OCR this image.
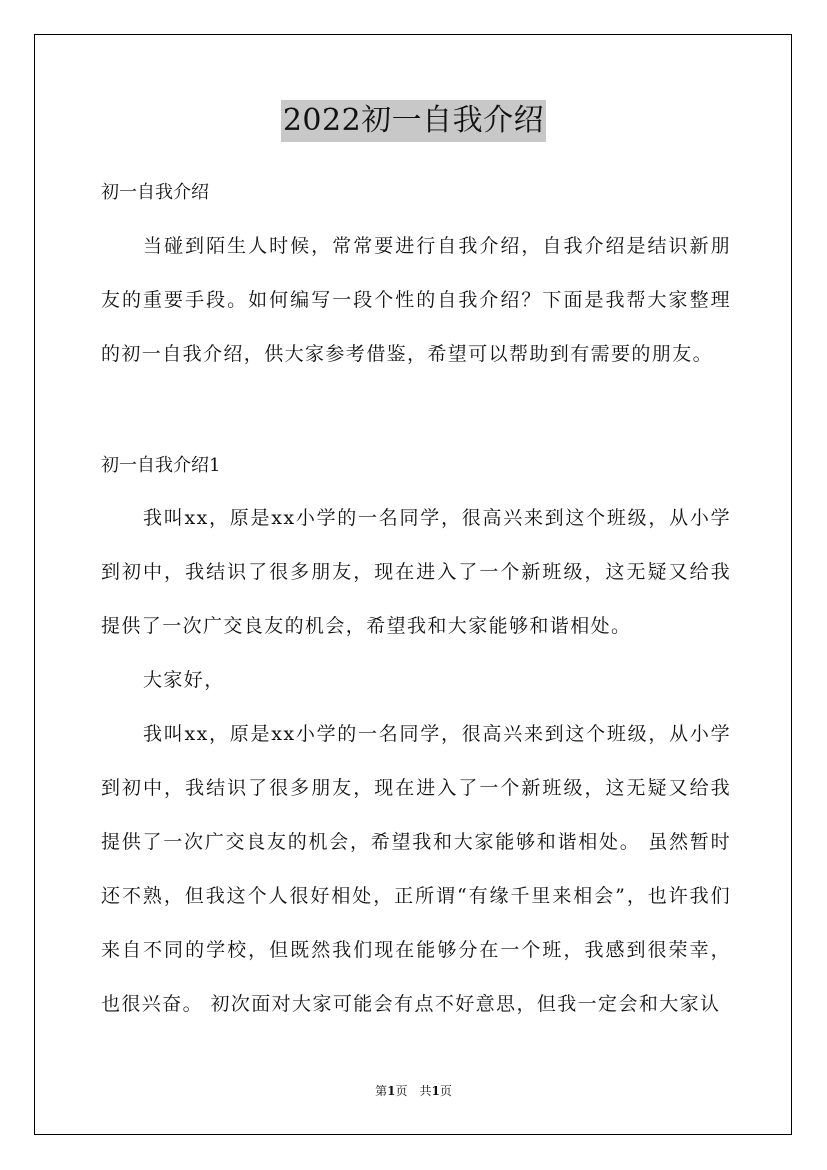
2022初一自我介绍
初一自我介绍

当碰到陌生人时候，常常要进行自我介绍，自我介绍是结识新朋友的重要手段。如何编写一段个性的自我介绍？下面是我帮大家整理的初一自我介绍，供大家参考借鉴，希望可以帮助到有需要的朋友。

初一自我介绍1

我叫xx，原是xx小学的一名同学，很高兴来到这个班级，从小学到初中，我结识了很多朋友，现在进入了一个新班级，这无疑又给我提供了一次广交良友的机会，希望我和大家能够和谐相处。

大家好，

我叫xx，原是xx小学的一名同学，很高兴来到这个班级，从小学到初中，我结识了很多朋友，现在进入了一个新班级，这无疑又给我提供了一次广交良友的机会，希望我和大家能够和谐相处。 虽然暂时还不熟，但我这个人很好相处，正所谓“有缘千里来相会”，也许我们来自不同的学校，但既然我们现在能够分在一个班，我感到很荣幸，也很兴奋。 初次面对大家可能会有点不好意思，但我一定会和大家认

第1页　共1页
